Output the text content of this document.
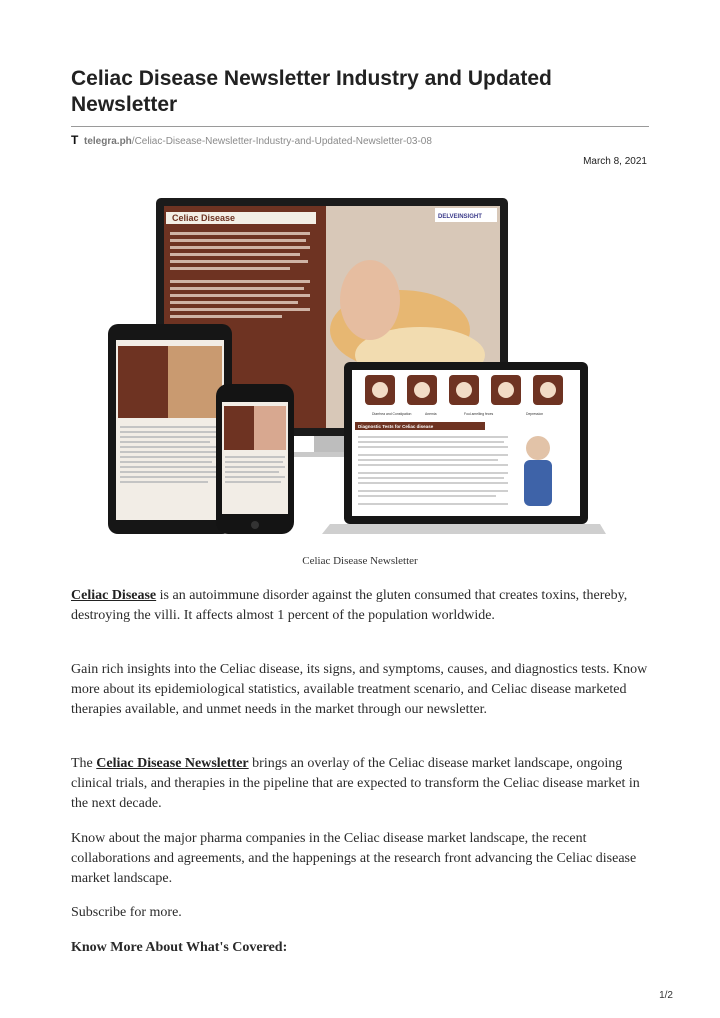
Celiac Disease Newsletter Industry and Updated Newsletter
T telegra.ph/Celiac-Disease-Newsletter-Industry-and-Updated-Newsletter-03-08
March 8, 2021
Celiac Disease	DELVEINSIGHT
Diarrhea and Constipation	Anemia	Foul-smelling feces	Depression
Diagnostic Tests for Celiac disease
Celiac Disease Newsletter

Celiac Disease is an autoimmune disorder against the gluten consumed that creates toxins, thereby, destroying the villi. It affects almost 1 percent of the population worldwide.

Gain rich insights into the Celiac disease, its signs, and symptoms, causes, and diagnostics tests. Know more about its epidemiological statistics, available treatment scenario, and Celiac disease marketed therapies available, and unmet needs in the market through our newsletter.

The Celiac Disease Newsletter brings an overlay of the Celiac disease market landscape, ongoing clinical trials, and therapies in the pipeline that are expected to transform the Celiac disease market in the next decade.

Know about the major pharma companies in the Celiac disease market landscape, the recent collaborations and agreements, and the happenings at the research front advancing the Celiac disease market landscape.

Subscribe for more.

Know More About What's Covered:

1/2
